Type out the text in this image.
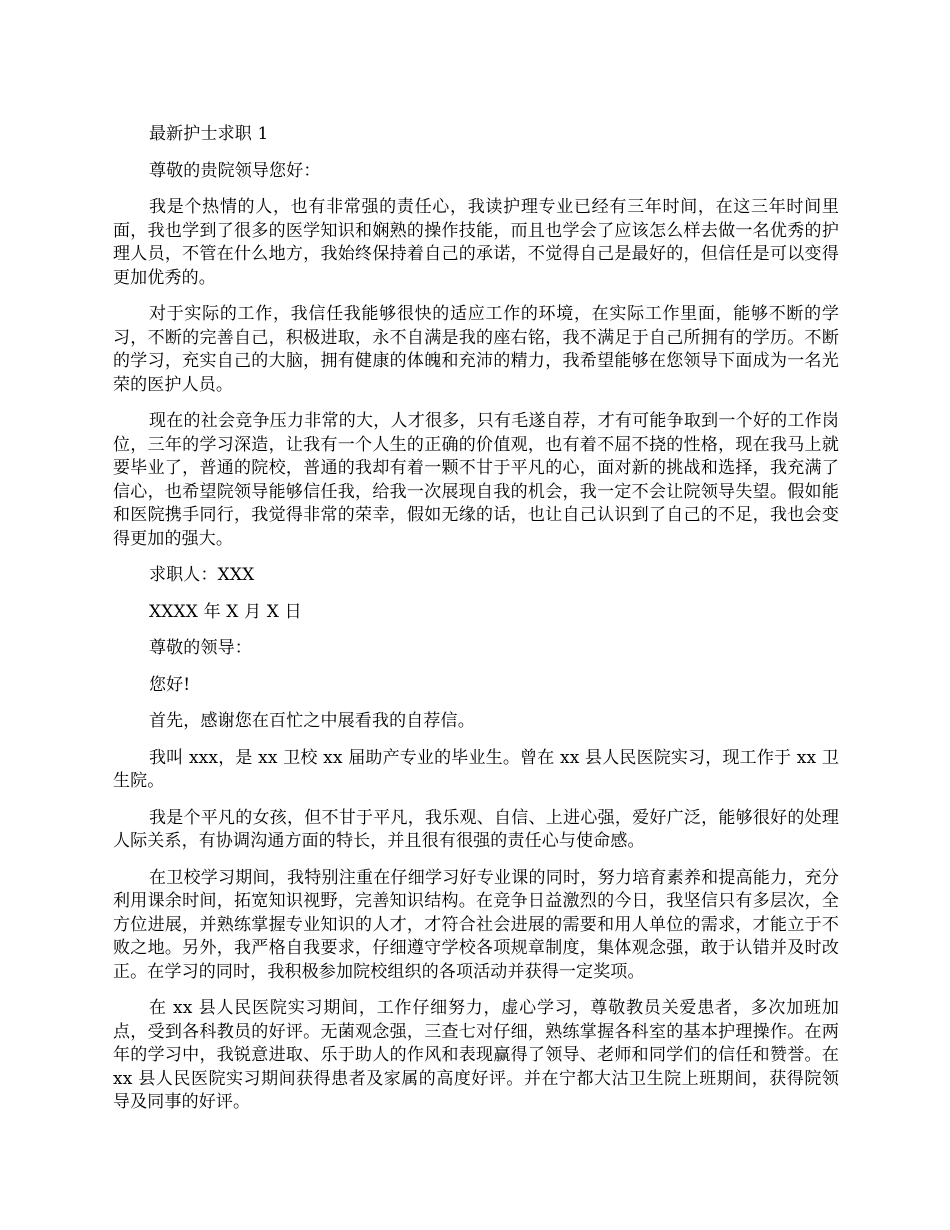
最新护士求职 1

尊敬的贵院领导您好：

我是个热情的人，也有非常强的责任心，我读护理专业已经有三年时间，在这三年时间里面，我也学到了很多的医学知识和娴熟的操作技能，而且也学会了应该怎么样去做一名优秀的护理人员，不管在什么地方，我始终保持着自己的承诺，不觉得自己是最好的，但信任是可以变得更加优秀的。

对于实际的工作，我信任我能够很快的适应工作的环境，在实际工作里面，能够不断的学习，不断的完善自己，积极进取，永不自满是我的座右铭，我不满足于自己所拥有的学历。不断的学习，充实自己的大脑，拥有健康的体魄和充沛的精力，我希望能够在您领导下面成为一名光荣的医护人员。

现在的社会竞争压力非常的大，人才很多，只有毛遂自荐，才有可能争取到一个好的工作岗位，三年的学习深造，让我有一个人生的正确的价值观，也有着不屈不挠的性格，现在我马上就要毕业了，普通的院校，普通的我却有着一颗不甘于平凡的心，面对新的挑战和选择，我充满了信心，也希望院领导能够信任我，给我一次展现自我的机会，我一定不会让院领导失望。假如能和医院携手同行，我觉得非常的荣幸，假如无缘的话，也让自己认识到了自己的不足，我也会变得更加的强大。

求职人：XXX

XXXX 年 X 月 X 日

尊敬的领导：

您好!

首先，感谢您在百忙之中展看我的自荐信。

我叫 xxx，是 xx 卫校 xx 届助产专业的毕业生。曾在 xx 县人民医院实习，现工作于 xx 卫生院。

我是个平凡的女孩，但不甘于平凡，我乐观、自信、上进心强，爱好广泛，能够很好的处理人际关系，有协调沟通方面的特长，并且很有很强的责任心与使命感。

在卫校学习期间，我特别注重在仔细学习好专业课的同时，努力培育素养和提高能力，充分利用课余时间，拓宽知识视野，完善知识结构。在竞争日益激烈的今日，我坚信只有多层次，全方位进展，并熟练掌握专业知识的人才，才符合社会进展的需要和用人单位的需求，才能立于不败之地。另外，我严格自我要求，仔细遵守学校各项规章制度，集体观念强，敢于认错并及时改正。在学习的同时，我积极参加院校组织的各项活动并获得一定奖项。

在 xx 县人民医院实习期间，工作仔细努力，虚心学习，尊敬教员关爱患者，多次加班加点，受到各科教员的好评。无菌观念强，三查七对仔细，熟练掌握各科室的基本护理操作。在两年的学习中，我锐意进取、乐于助人的作风和表现赢得了领导、老师和同学们的信任和赞誉。在 xx 县人民医院实习期间获得患者及家属的高度好评。并在宁都大沽卫生院上班期间，获得院领导及同事的好评。
